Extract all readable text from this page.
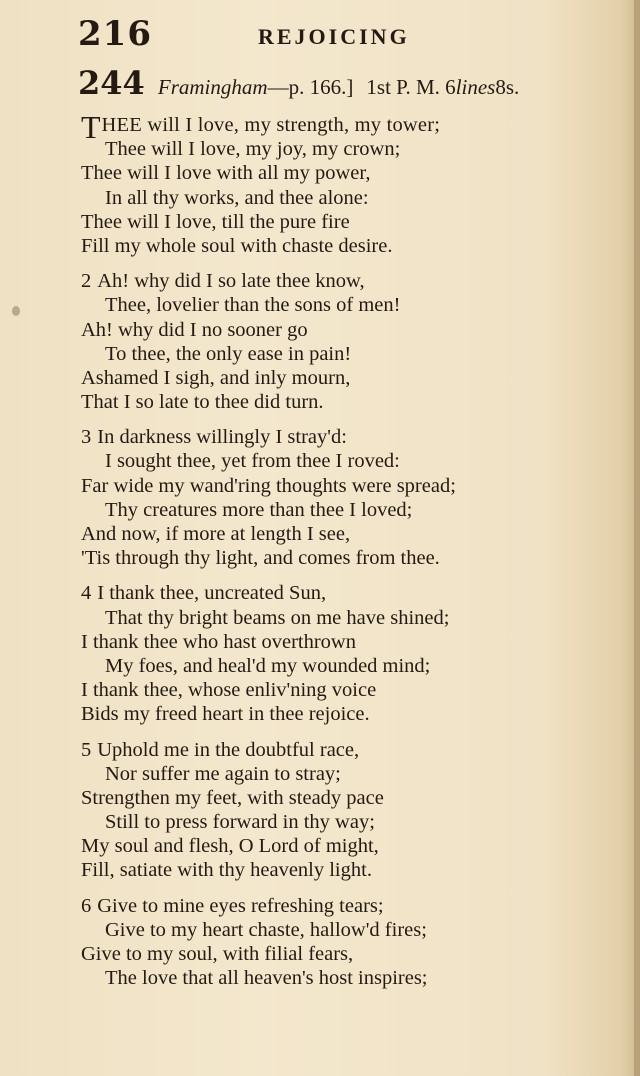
216	REJOICING
244 Framingham—p. 166.] 1st P. M. 6lines8s.
THEE will I love, my strength, my tower;
Thee will I love, my joy, my crown;
Thee will I love with all my power,
In all thy works, and thee alone:
Thee will I love, till the pure fire
Fill my whole soul with chaste desire.
2 Ah! why did I so late thee know,
Thee, lovelier than the sons of men!
Ah! why did I no sooner go
To thee, the only ease in pain!
Ashamed I sigh, and inly mourn,
That I so late to thee did turn.
3 In darkness willingly I stray'd:
I sought thee, yet from thee I roved:
Far wide my wand'ring thoughts were spread;
Thy creatures more than thee I loved;
And now, if more at length I see,
'Tis through thy light, and comes from thee.
4 I thank thee, uncreated Sun,
That thy bright beams on me have shined;
I thank thee who hast overthrown
My foes, and heal'd my wounded mind;
I thank thee, whose enliv'ning voice
Bids my freed heart in thee rejoice.
5 Uphold me in the doubtful race,
Nor suffer me again to stray;
Strengthen my feet, with steady pace
Still to press forward in thy way;
My soul and flesh, O Lord of might,
Fill, satiate with thy heavenly light.
6 Give to mine eyes refreshing tears;
Give to my heart chaste, hallow'd fires;
Give to my soul, with filial fears,
The love that all heaven's host inspires;
